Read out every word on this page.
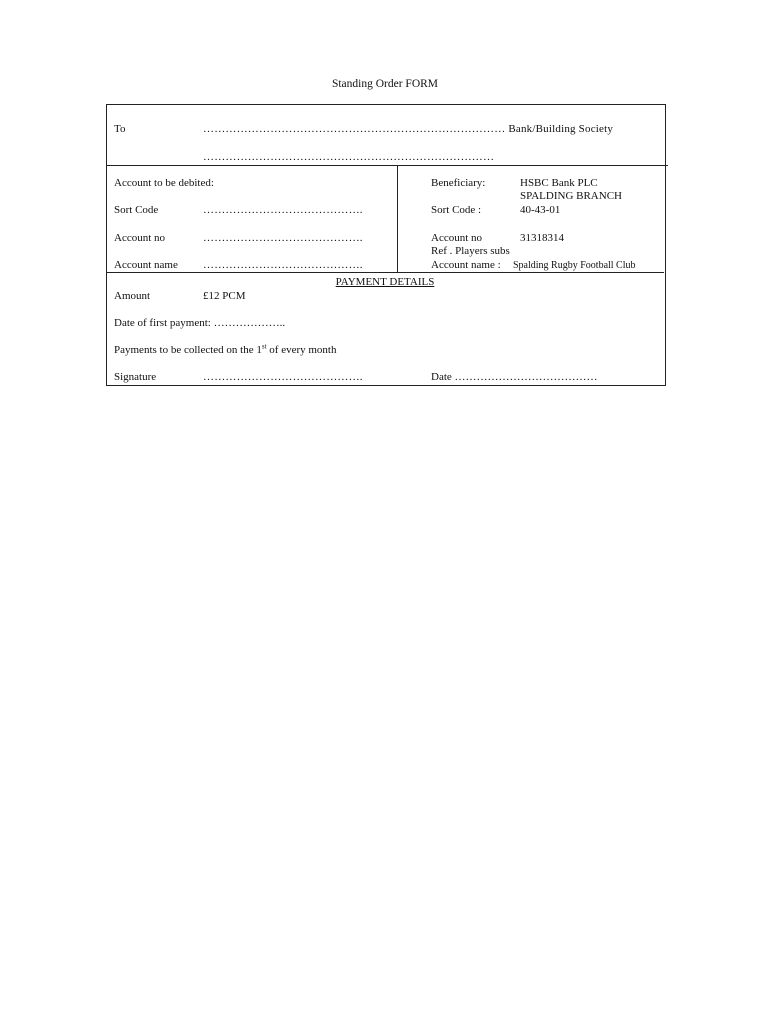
Standing Order FORM
To	……………………………………………………………………… Bank/Building Society
……………………………………………………………………
Account to be debited:
Sort Code	…………………………………….
Account no	…………………………………….
Account name …………………………………….
Beneficiary:	HSBC Bank PLC
SPALDING BRANCH
Sort Code :	40-43-01
Account no	31318314
Ref . Players subs
Account name : Spalding Rugby Football Club
PAYMENT DETAILS
Amount	£12 PCM
Date of first payment: ………………..
Payments to be collected on the 1st of every month
Signature	…………………………………….	Date …………………………………
